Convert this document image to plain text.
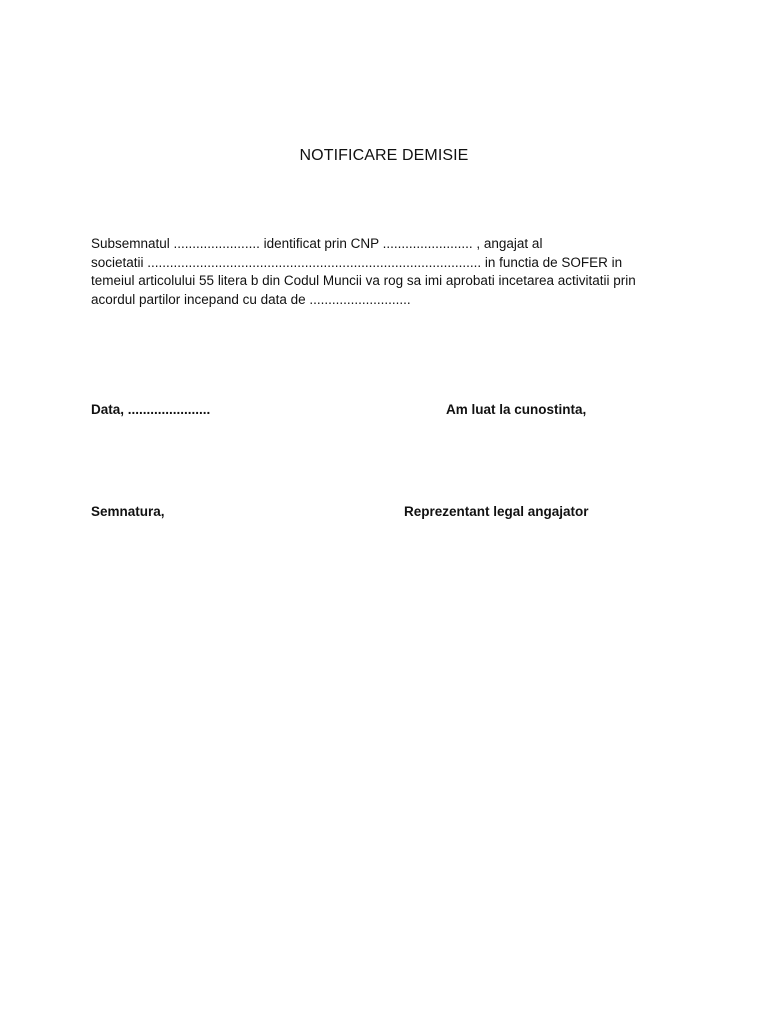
NOTIFICARE DEMISIE
Subsemnatul ....................... identificat prin CNP ........................ , angajat al
societatii ......................................................................................... in functia de SOFER in
temeiul articolului 55 litera b din Codul Muncii va rog sa imi aprobati incetarea activitatii prin
acordul partilor incepand cu data de ...........................
Data, ......................	Am luat la cunostinta,
Semnatura,	Reprezentant legal angajator
